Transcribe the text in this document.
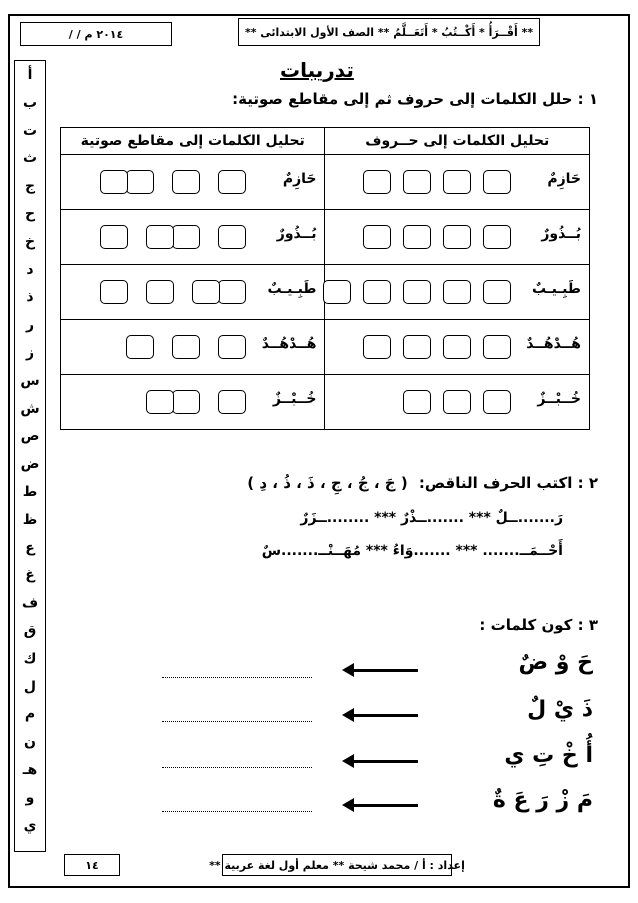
/ / ٢٠١٤ م	** أَقْــرَأُ * أَكْــتُبُ * أَتَعَــلَّمُ ** الصف الأول الابتدائى **
أ
ب
ت
ث
ج
ح
خ
د
ذ
ر
ز
س
ش
ص
ض
ط
ظ
ع
غ
ف
ق
ك
ل
م
ن
هـ
و
ي
تدريبات
١ : حلل الكلمات إلى حروف ثم إلى مقاطع صوتية:
تحليل الكلمات إلى مقاطع صوتية	تحليل الكلمات إلى حــروف

حَازِمٌ	حَازِمٌ

بُــذُورٌ	بُــذُورٌ

طَبِـيـبٌ	طَبِـيـبٌ

هُــدْهُــدٌ	هُــدْهُــدٌ

خُــبْــزٌ	خُــبْــزٌ
٢ : اكتب الحرف الناقص: ( جَ ، جُ ، جِ ، ذَ ، ذُ ، دِ )
رَ.......ــلٌ *** .......ــذْرٌ *** ........ــزَرٌ
أَحْــمَــ....... *** .......وَاءُ *** مُهَــنْــ.......سٌ
٣ : كون كلمات :
حَ وْ ضٌ
ذَ يْ لٌ
أُ خْ تِ ي
مَ زْ رَ عَ ةٌ
١٤	إعداد : أ / محمد شيحة ** معلم أول لغة عربية **
